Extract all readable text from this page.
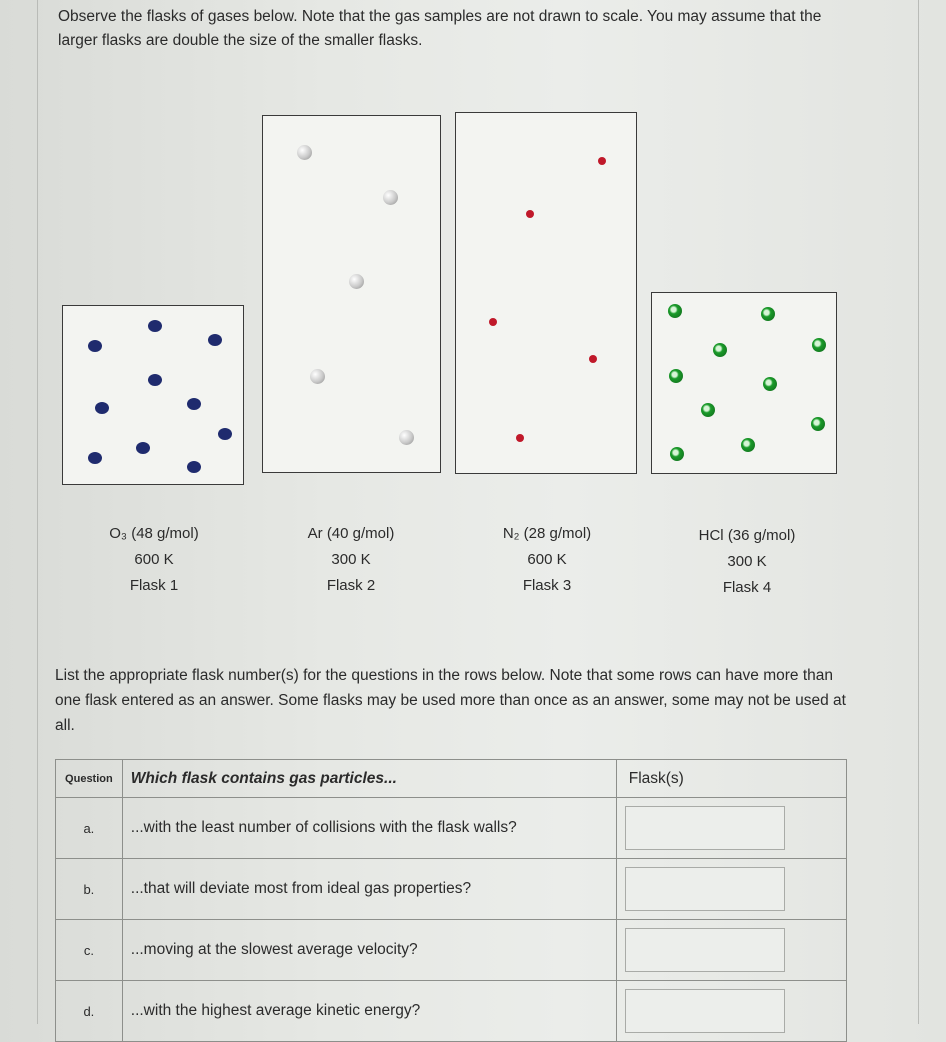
Observe the flasks of gases below. Note that the gas samples are not drawn to scale. You may assume that the larger flasks are double the size of the smaller flasks.
O₃ (48 g/mol)
600 K
Flask 1
Ar (40 g/mol)
300 K
Flask 2
N₂ (28 g/mol)
600 K
Flask 3
HCl (36 g/mol)
300 K
Flask 4
List the appropriate flask number(s) for the questions in the rows below. Note that some rows can have more than one flask entered as an answer. Some flasks may be used more than once as an answer, some may not be used at all.
Question	Which flask contains gas particles...	Flask(s)
a.	...with the least number of collisions with the flask walls?	

b.	...that will deviate most from ideal gas properties?	

c.	...moving at the slowest average velocity?	

d.	...with the highest average kinetic energy?	
